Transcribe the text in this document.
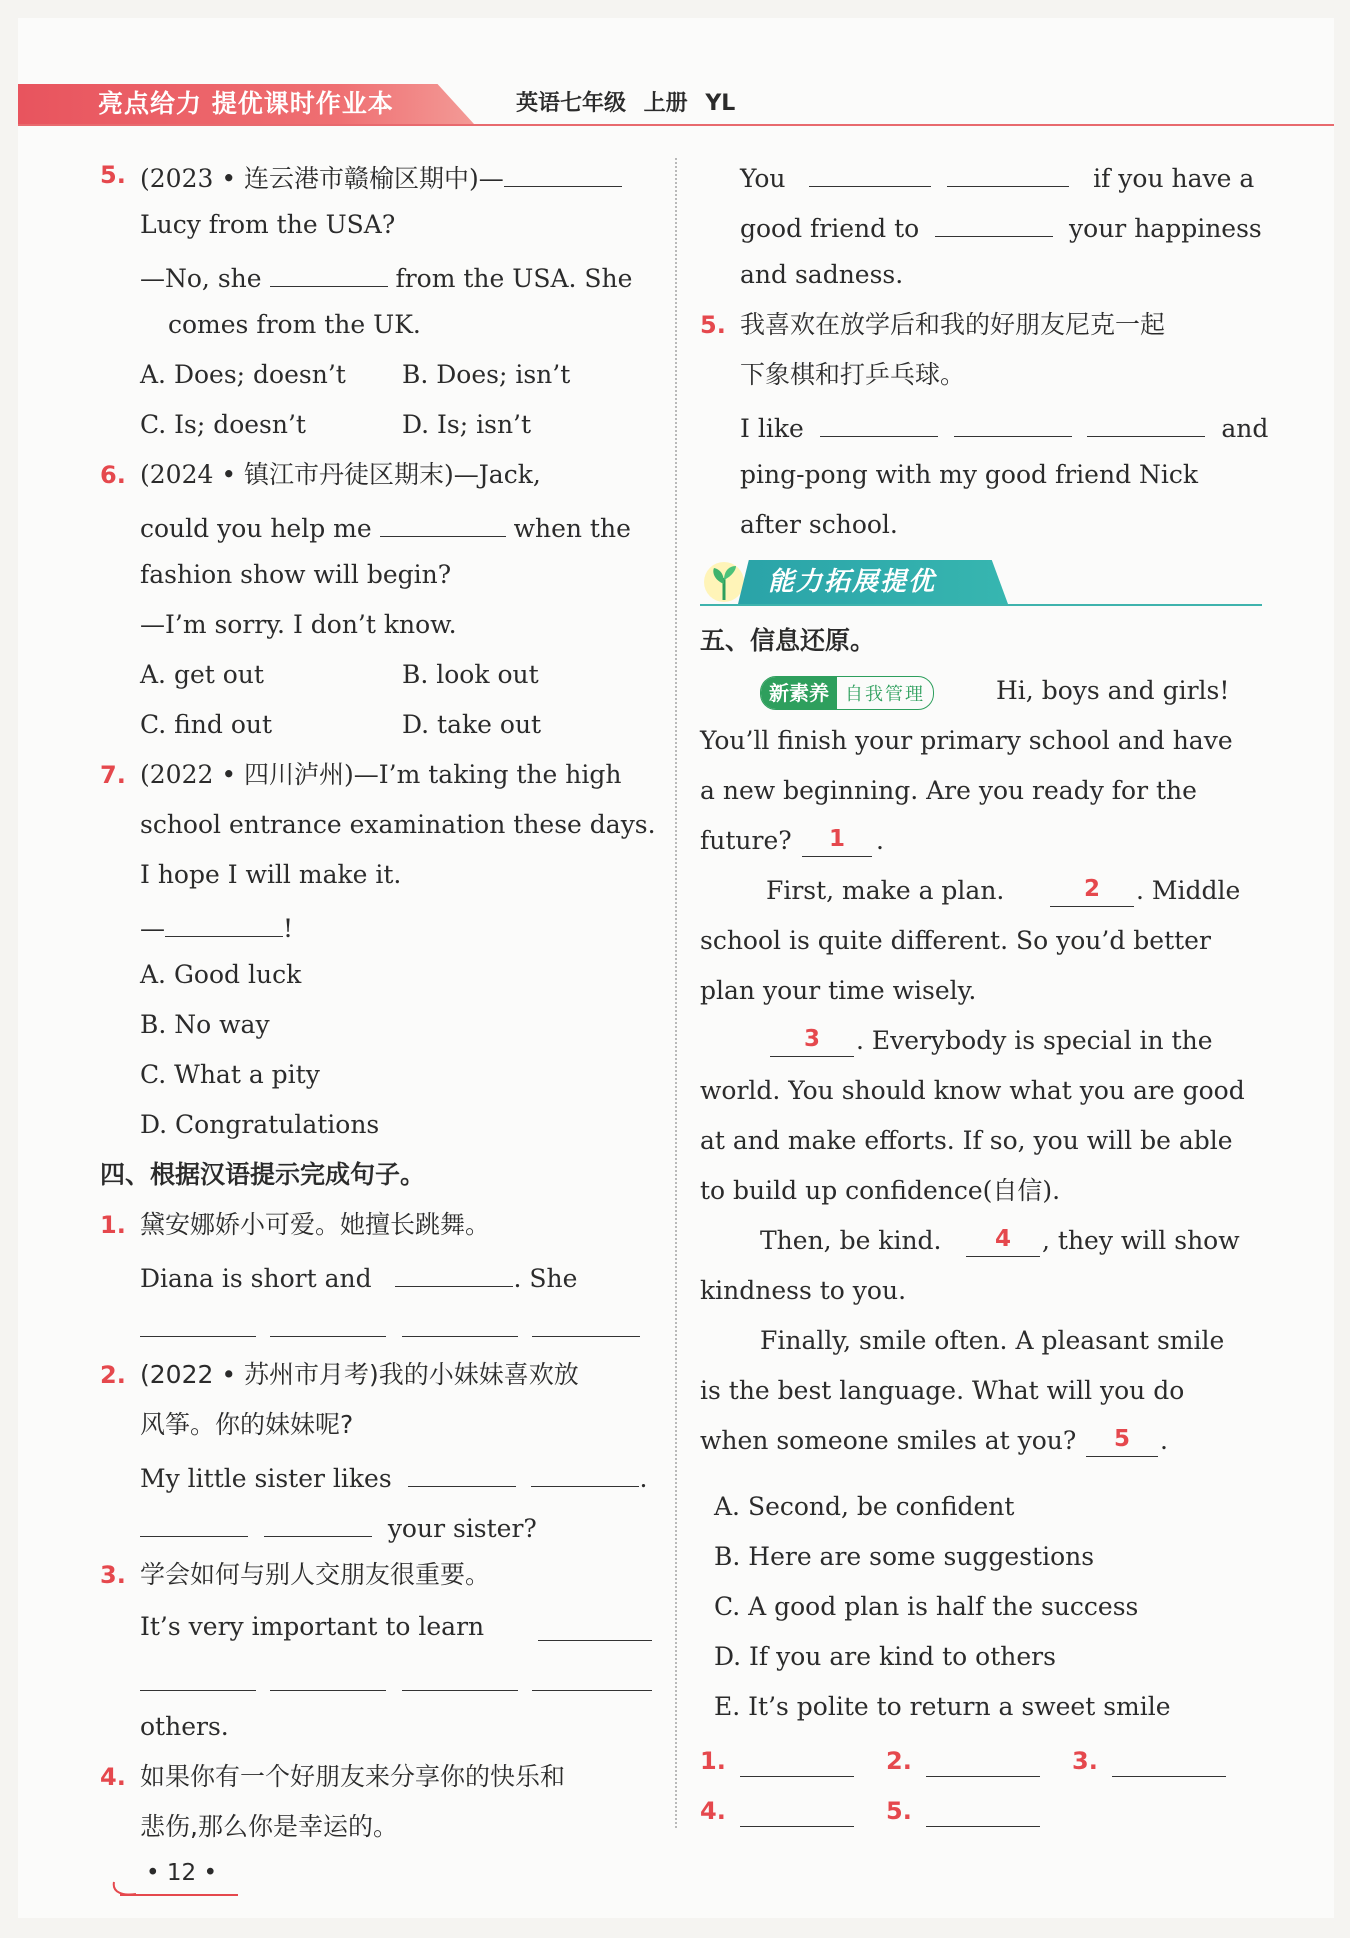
亮点给力 提优课时作业本	英语七年级 上册 YL
5. (2023 • 连云港市赣榆区期中)—
Lucy from the USA?
—No, she	from the USA. She
comes from the UK.
A. Does; doesn’t B. Does; isn’t
C. Is; doesn’t	D. Is; isn’t
6. (2024 • 镇江市丹徒区期末)—Jack,
could you help me	when the
fashion show will begin?
—I’m sorry. I don’t know.
A. get out	B. look out
C. find out	D. take out
7. (2022 • 四川泸州)—I’m taking the high
school entrance examination these days.
I hope I will make it.
—	!
A. Good luck
B. No way
C. What a pity
D. Congratulations
四、根据汉语提示完成句子。
1. 黛安娜娇小可爱。她擅长跳舞。
Diana is short and	. She
2. (2022 • 苏州市月考)我的小妹妹喜欢放
风筝。你的妹妹呢?
My little sister likes	.
your sister?
3. 学会如何与别人交朋友很重要。
It’s very important to learn
others.
4. 如果你有一个好朋友来分享你的快乐和
悲伤,那么你是幸运的。
You	if you have a
good friend to	your happiness
and sadness.
5. 我喜欢在放学后和我的好朋友尼克一起
下象棋和打乒乓球。
I like	and
ping-pong with my good friend Nick
after school.
能力拓展提优
五、信息还原。
新素养 自我管理	Hi, boys and girls!
You’ll finish your primary school and have
a new beginning. Are you ready for the
future?	1	.
First, make a plan.	2	. Middle
school is quite different. So you’d better
plan your time wisely.
3	. Everybody is special in the
world. You should know what you are good
at and make efforts. If so, you will be able
to build up confidence(自信).
Then, be kind.	4	, they will show
kindness to you.
Finally, smile often. A pleasant smile
is the best language. What will you do
when someone smiles at you?	5	.
A. Second, be confident
B. Here are some suggestions
C. A good plan is half the success
D. If you are kind to others
E. It’s polite to return a sweet smile
1.	2.	3.
4.	5.
• 12 •
